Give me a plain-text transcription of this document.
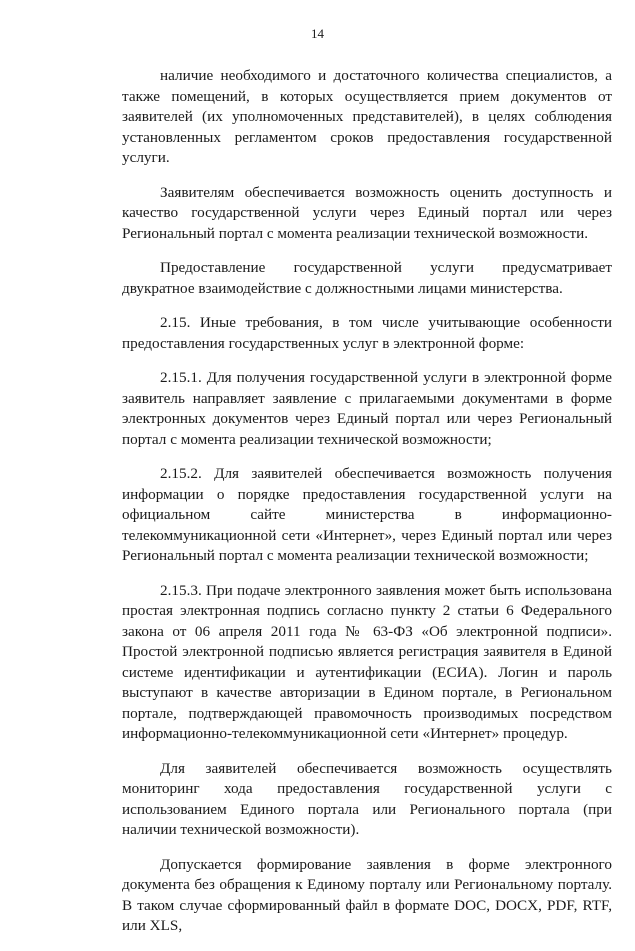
14

наличие необходимого и достаточного количества специалистов, а также помещений, в которых осуществляется прием документов от заявителей (их уполномоченных представителей), в целях соблюдения установленных регламентом сроков предоставления государственной услуги.

Заявителям обеспечивается возможность оценить доступность и качество государственной услуги через Единый портал или через Региональный портал с момента реализации технической возможности.

Предоставление государственной услуги предусматривает двукратное взаимодействие с должностными лицами министерства.

2.15. Иные требования, в том числе учитывающие особенности предоставления государственных услуг в электронной форме:

2.15.1. Для получения государственной услуги в электронной форме заявитель направляет заявление с прилагаемыми документами в форме электронных документов через Единый портал или через Региональный портал с момента реализации технической возможности;

2.15.2. Для заявителей обеспечивается возможность получения информации о порядке предоставления государственной услуги на официальном сайте министерства в информационно-телекоммуникационной сети «Интернет», через Единый портал или через Региональный портал с момента реализации технической возможности;

2.15.3. При подаче электронного заявления может быть использована простая электронная подпись согласно пункту 2 статьи 6 Федерального закона от 06 апреля 2011 года № 63-ФЗ «Об электронной подписи». Простой электронной подписью является регистрация заявителя в Единой системе идентификации и аутентификации (ЕСИА). Логин и пароль выступают в качестве авторизации в Едином портале, в Региональном портале, подтверждающей правомочность производимых посредством информационно-телекоммуникационной сети «Интернет» процедур.

Для заявителей обеспечивается возможность осуществлять мониторинг хода предоставления государственной услуги с использованием Единого портала или Регионального портала (при наличии технической возможности).

Допускается формирование заявления в форме электронного документа без обращения к Единому порталу или Региональному порталу. В таком случае сформированный файл в формате DOC, DOCX, PDF, RTF, или XLS,
